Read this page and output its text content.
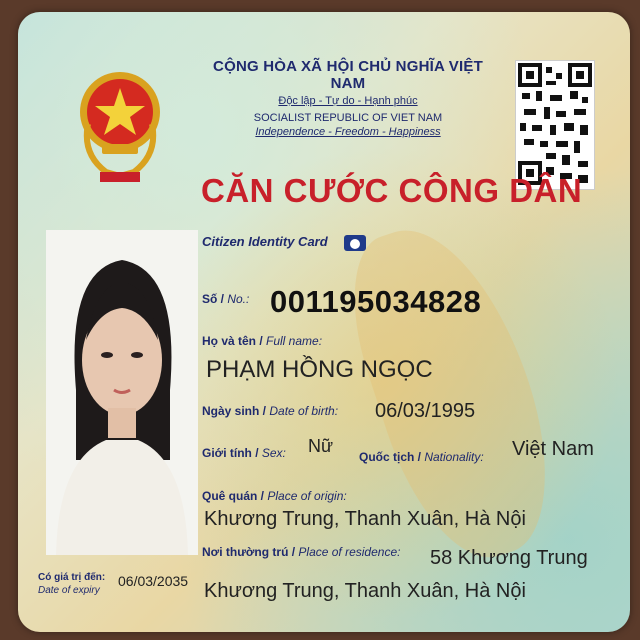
CỘNG HÒA XÃ HỘI CHỦ NGHĨA VIỆT NAM
Độc lập - Tự do - Hạnh phúc
SOCIALIST REPUBLIC OF VIET NAM
Independence - Freedom - Happiness
CĂN CƯỚC CÔNG DÂN
Citizen Identity Card
Số / No.: 001195034828
Họ và tên / Full name:
PHẠM HỒNG NGỌC
Ngày sinh / Date of birth: 06/03/1995
Giới tính / Sex: Nữ
Quốc tịch / Nationality: Việt Nam
Quê quán / Place of origin:
Khương Trung, Thanh Xuân, Hà Nội
Nơi thường trú / Place of residence: 58 Khương Trung
Khương Trung, Thanh Xuân, Hà Nội
Có giá trị đến:
Date of expiry
06/03/2035
